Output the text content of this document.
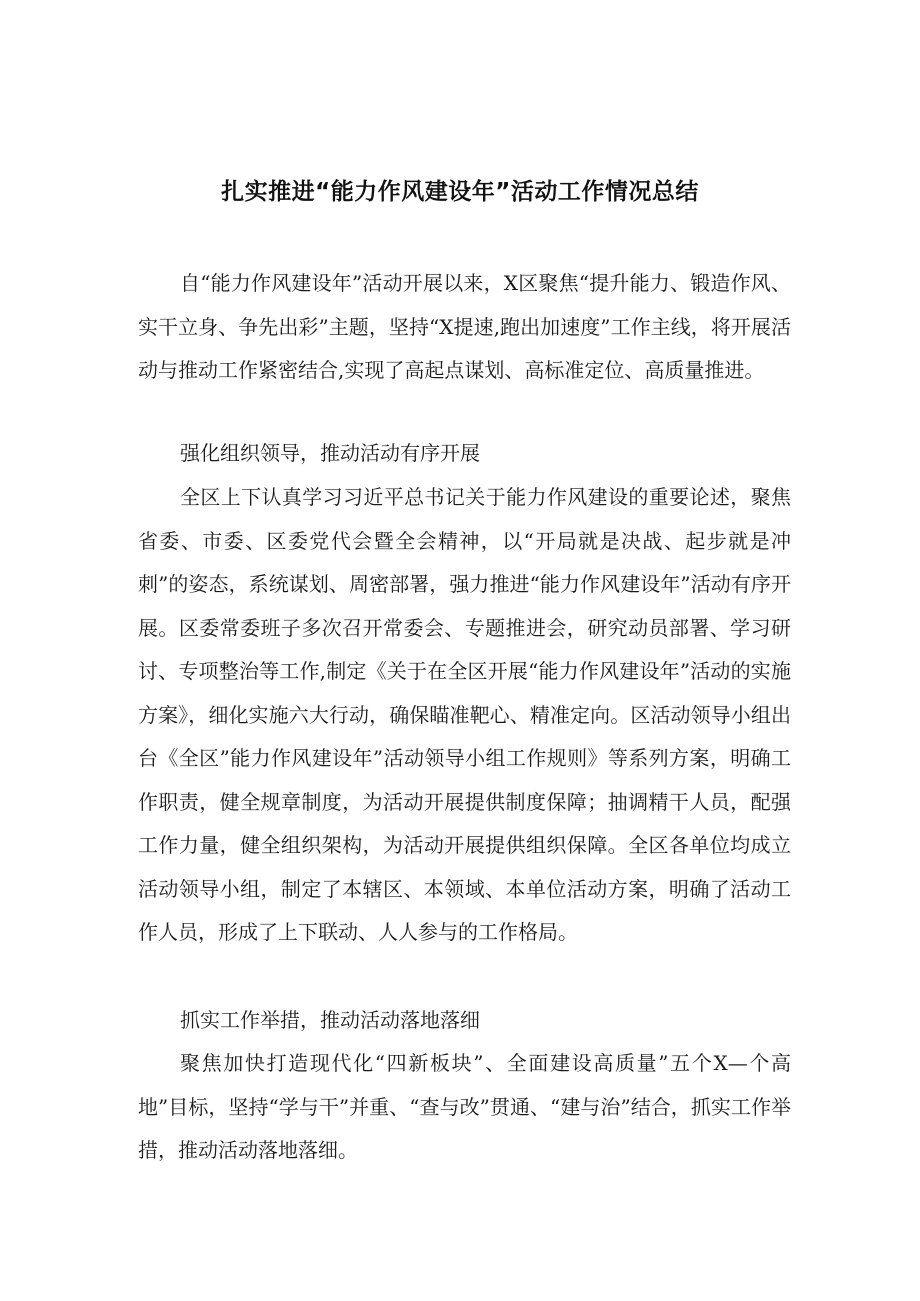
扎实推进“能力作风建设年”活动工作情况总结

自“能力作风建设年”活动开展以来，X区聚焦“提升能力、锻造作风、实干立身、争先出彩”主题，坚持“X提速,跑出加速度”工作主线，将开展活动与推动工作紧密结合,实现了高起点谋划、高标准定位、高质量推进。

强化组织领导，推动活动有序开展

全区上下认真学习习近平总书记关于能力作风建设的重要论述，聚焦省委、市委、区委党代会暨全会精神，以“开局就是决战、起步就是冲刺”的姿态，系统谋划、周密部署，强力推进“能力作风建设年”活动有序开展。区委常委班子多次召开常委会、专题推进会，研究动员部署、学习研讨、专项整治等工作,制定《关于在全区开展“能力作风建设年”活动的实施方案》，细化实施六大行动，确保瞄准靶心、精准定向。区活动领导小组出台《全区”能力作风建设年”活动领导小组工作规则》等系列方案，明确工作职责，健全规章制度，为活动开展提供制度保障；抽调精干人员，配强工作力量，健全组织架构，为活动开展提供组织保障。全区各单位均成立活动领导小组，制定了本辖区、本领域、本单位活动方案，明确了活动工作人员，形成了上下联动、人人参与的工作格局。

抓实工作举措，推动活动落地落细

聚焦加快打造现代化“四新板块”、全面建设高质量”五个X—个高地”目标，坚持“学与干”并重、“查与改”贯通、“建与治”结合，抓实工作举措，推动活动落地落细。
